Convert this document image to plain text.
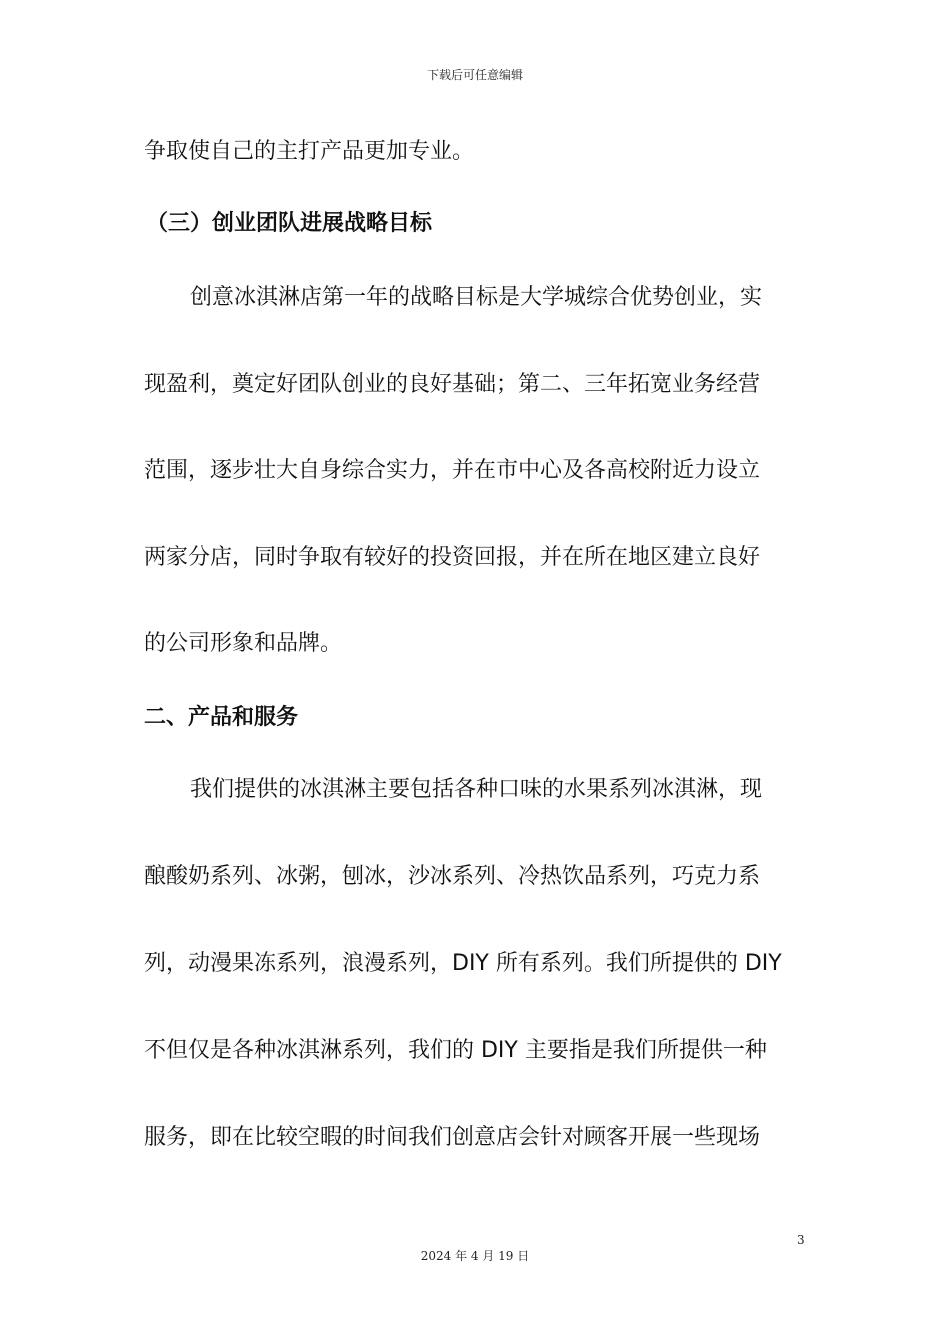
下载后可任意编辑
争取使自己的主打产品更加专业。
（三）创业团队进展战略目标
创意冰淇淋店第一年的战略目标是大学城综合优势创业，实
现盈利，奠定好团队创业的良好基础；第二、三年拓宽业务经营
范围，逐步壮大自身综合实力，并在市中心及各高校附近力设立
两家分店，同时争取有较好的投资回报，并在所在地区建立良好
的公司形象和品牌。
二、产品和服务
我们提供的冰淇淋主要包括各种口味的水果系列冰淇淋，现
酿酸奶系列、冰粥，刨冰，沙冰系列、冷热饮品系列，巧克力系
列，动漫果冻系列，浪漫系列，DIY 所有系列。我们所提供的 DIY
不但仅是各种冰淇淋系列，我们的 DIY 主要指是我们所提供一种
服务，即在比较空暇的时间我们创意店会针对顾客开展一些现场
3
2024 年 4 月 19 日
